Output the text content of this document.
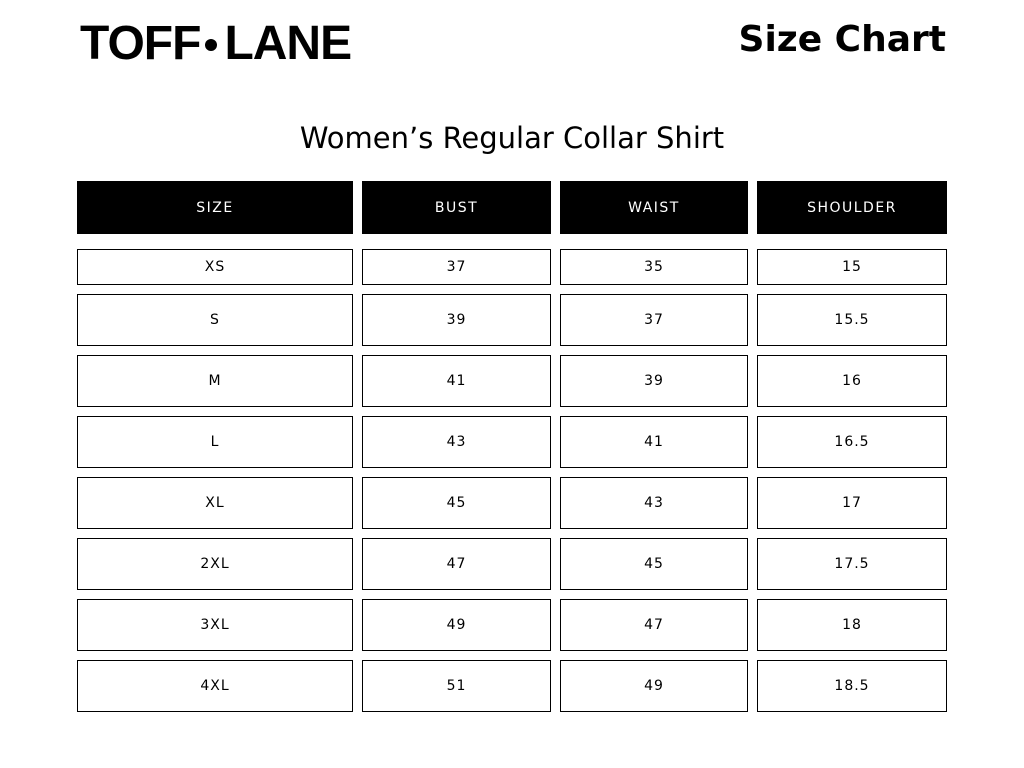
TOFF LANE	Size Chart
Women’s Regular Collar Shirt
SIZE	BUST	WAIST	SHOULDER
XS	37	35	15
S	39	37	15.5
M	41	39	16
L	43	41	16.5
XL	45	43	17
2XL	47	45	17.5
3XL	49	47	18
4XL	51	49	18.5
